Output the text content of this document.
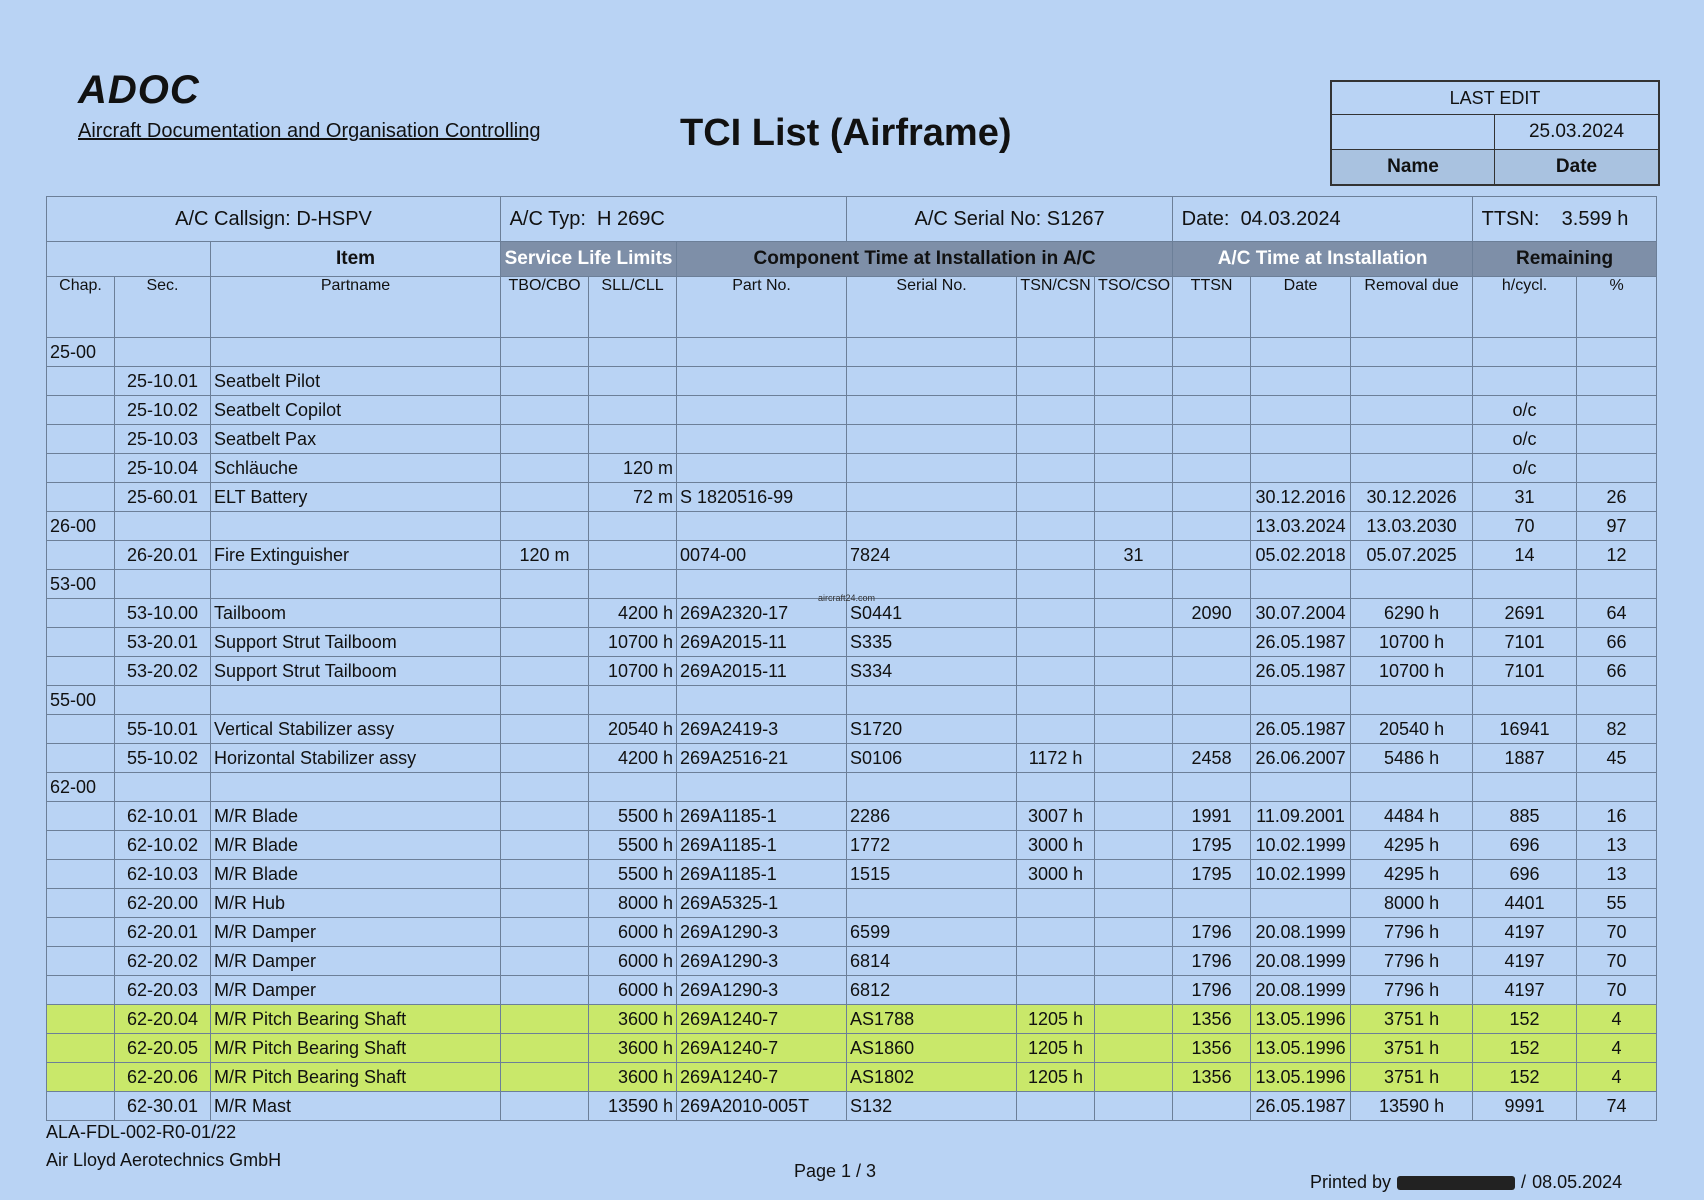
ADOC
Aircraft Documentation and Organisation Controlling	TCI List (Airframe)
LAST EDIT
25.03.2024
Name	Date
A/C Callsign: D-HSPV			A/C Typ: H 269C			A/C Serial No: S1267			Date: 04.03.2024			TTSN: 3.599 h	
		Item	Service Life Limits		Component Time at Installation in A/C				A/C Time at Installation			Remaining	
Chap.	Sec.	Partname	TBO/CBO	SLL/CLL	Part No.	Serial No.	TSN/CSN	TSO/CSO	TTSN	Date	Removal due	h/cycl.	%
25-00													
	25-10.01	Seatbelt Pilot											
	25-10.02	Seatbelt Copilot										o/c	
	25-10.03	Seatbelt Pax										o/c	
	25-10.04	Schläuche		120 m								o/c	
	25-60.01	ELT Battery		72 m	S 1820516-99					30.12.2016	30.12.2026	31	26
26-00										13.03.2024	13.03.2030	70	97
	26-20.01	Fire Extinguisher	120 m		0074-00	7824		31		05.02.2018	05.07.2025	14	12
53-00													
	53-10.00	Tailboom		4200 h	269A2320-17	S0441			2090	30.07.2004	6290 h	2691	64
	53-20.01	Support Strut Tailboom		10700 h	269A2015-11	S335				26.05.1987	10700 h	7101	66
	53-20.02	Support Strut Tailboom		10700 h	269A2015-11	S334				26.05.1987	10700 h	7101	66
55-00													
	55-10.01	Vertical Stabilizer assy		20540 h	269A2419-3	S1720				26.05.1987	20540 h	16941	82
	55-10.02	Horizontal Stabilizer assy		4200 h	269A2516-21	S0106	1172 h		2458	26.06.2007	5486 h	1887	45
62-00													
	62-10.01	M/R Blade		5500 h	269A1185-1	2286	3007 h		1991	11.09.2001	4484 h	885	16
	62-10.02	M/R Blade		5500 h	269A1185-1	1772	3000 h		1795	10.02.1999	4295 h	696	13
	62-10.03	M/R Blade		5500 h	269A1185-1	1515	3000 h		1795	10.02.1999	4295 h	696	13
	62-20.00	M/R Hub		8000 h	269A5325-1						8000 h	4401	55
	62-20.01	M/R Damper		6000 h	269A1290-3	6599			1796	20.08.1999	7796 h	4197	70
	62-20.02	M/R Damper		6000 h	269A1290-3	6814			1796	20.08.1999	7796 h	4197	70
	62-20.03	M/R Damper		6000 h	269A1290-3	6812			1796	20.08.1999	7796 h	4197	70
	62-20.04	M/R Pitch Bearing Shaft		3600 h	269A1240-7	AS1788	1205 h		1356	13.05.1996	3751 h	152	4
	62-20.05	M/R Pitch Bearing Shaft		3600 h	269A1240-7	AS1860	1205 h		1356	13.05.1996	3751 h	152	4
	62-20.06	M/R Pitch Bearing Shaft		3600 h	269A1240-7	AS1802	1205 h		1356	13.05.1996	3751 h	152	4
	62-30.01	M/R Mast		13590 h	269A2010-005T	S132				26.05.1987	13590 h	9991	74
aircraft24.com
ALA-FDL-002-R0-01/22
Air Lloyd Aerotechnics GmbH
Page 1 / 3
Printed by	/ 08.05.2024
